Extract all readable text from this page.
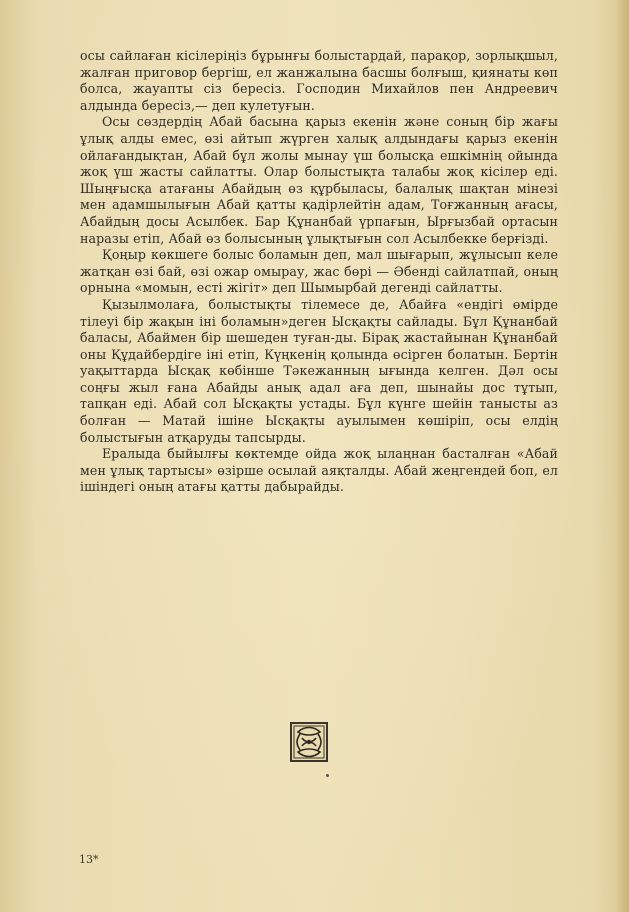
осы сайлаған кісілеріңіз бұрынғы болыстардай, парақор, зорлықшыл, жалған приговор бергіш, ел жанжалына басшы болғыш, қиянаты көп болса, жауапты сіз бересіз. Господин Михайлов пен Андреевич алдында бересіз,— деп кулетуғын.

Осы сөздердің Абай басына қарыз екенін және соның бір жағы ұлық алды емес, өзі айтып жүрген халық алдындағы қарыз екенін ойлағандықтан, Абай бұл жолы мынау үш болысқа ешкімнің ойында жоқ үш жасты сайлатты. Олар болыстықта талабы жоқ кісілер еді. Шыңғысқа атағаны Абайдың өз құрбыласы, балалық шақтан мінезі мен адамшылығын Абай қатты қадірлейтін адам, Тоғжанның ағасы, Абайдың досы Асылбек. Бар Құнанбай үрпағын, Ырғызбай ортасын наразы етіп, Абай өз болысының ұлықтығын сол Асылбекке берғізді.

Қоңыр көкшеге болыс боламын деп, мал шығарып, жұлысып келе жатқан өзі бай, өзі ожар омырау, жас бөрі — Әбенді сайлатпай, оның орнына «момын, есті жігіт» деп Шымырбай дегенді сайлатты.

Қызылмолаға, болыстықты тілемесе де, Абайға «ендігі өмірде тілеуі бір жақын іні боламын»деген Ысқақты сайлады. Бұл Құнанбай баласы, Абаймен бір шешеден туған-ды. Бірақ жастайынан Құнанбай оны Құдайбердіге іні етіп, Күңкенің қолында өсірген болатын. Бертін уақыттарда Ысқақ көбінше Тәкежанның ығында келген. Дәл осы соңғы жыл ғана Абайды анық адал аға деп, шынайы дос тұтып, тапқан еді. Абай сол Ысқақты устады. Бұл күнге шейін танысты аз болған — Матай ішіне Ысқақты ауылымен көшіріп, осы елдің болыстығын атқаруды тапсырды.

Ералыда быйылғы көктемде ойда жоқ ылаңнан басталған «Абай мен ұлық тартысы» өзірше осылай аяқталды. Абай жеңгендей боп, ел ішіндегі оның атағы қатты дабырайды.

13*
